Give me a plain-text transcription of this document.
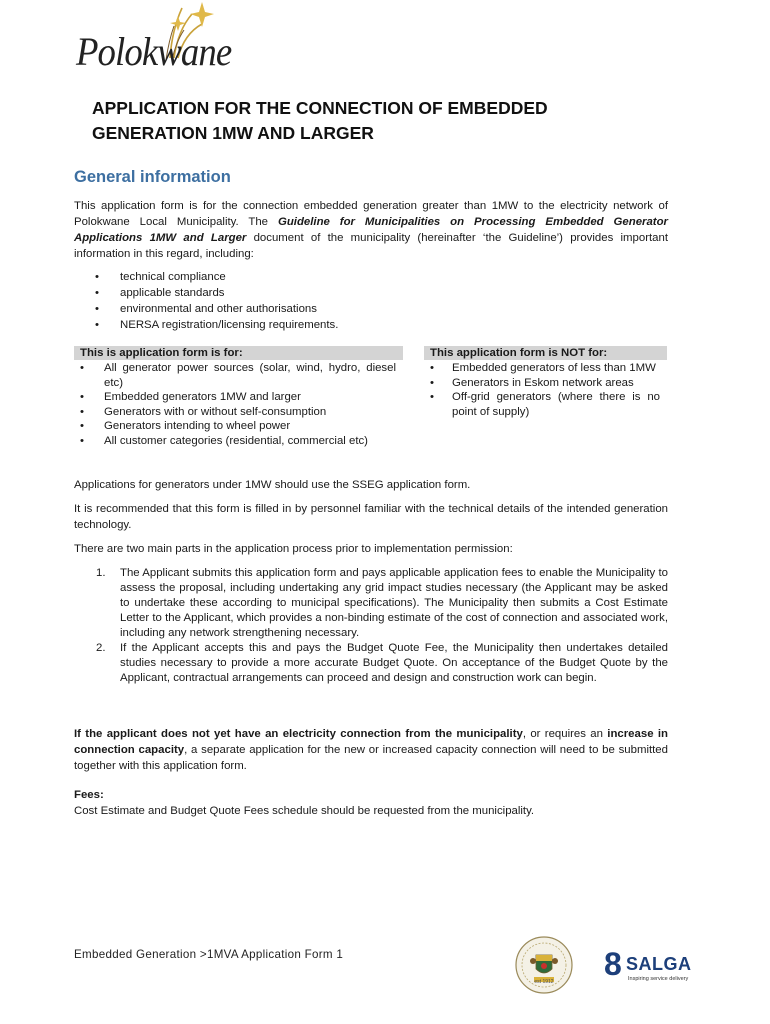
Polokwane
APPLICATION FOR THE CONNECTION OF EMBEDDED
GENERATION 1MW AND LARGER
General information
This application form is for the connection embedded generation greater than 1MW to the electricity network of Polokwane Local Municipality. The Guideline for Municipalities on Processing Embedded Generator Applications 1MW and Larger document of the municipality (hereinafter ‘the Guideline’) provides important information in this regard, including:
• technical compliance
• applicable standards
• environmental and other authorisations
• NERSA registration/licensing requirements.
This is application form is for:	This application form is NOT for:
• All generator power sources (solar, wind, hydro, diesel etc)
• Embedded generators 1MW and larger
• Generators with or without self-consumption
• Generators intending to wheel power
• All customer categories (residential, commercial etc)
• Embedded generators of less than 1MW
• Generators in Eskom network areas
• Off-grid generators (where there is no point of supply)
Applications for generators under 1MW should use the SSEG application form.
It is recommended that this form is filled in by personnel familiar with the technical details of the intended generation technology.
There are two main parts in the application process prior to implementation permission:
1. The Applicant submits this application form and pays applicable application fees to enable the Municipality to assess the proposal, including undertaking any grid impact studies necessary (the Applicant may be asked to undertake these according to municipal specifications). The Municipality then submits a Cost Estimate Letter to the Applicant, which provides a non-binding estimate of the cost of connection and associated work, including any network strengthening necessary.
2. If the Applicant accepts this and pays the Budget Quote Fee, the Municipality then undertakes detailed studies necessary to provide a more accurate Budget Quote. On acceptance of the Budget Quote by the Applicant, contractual arrangements can proceed and design and construction work can begin.
If the applicant does not yet have an electricity connection from the municipality, or requires an increase in connection capacity, a separate application for the new or increased capacity connection will need to be submitted together with this application form.
Fees:
Cost Estimate and Budget Quote Fees schedule should be requested from the municipality.
Embedded Generation >1MVA Application Form 1
est 1912	8 SALGA
Inspiring service delivery
